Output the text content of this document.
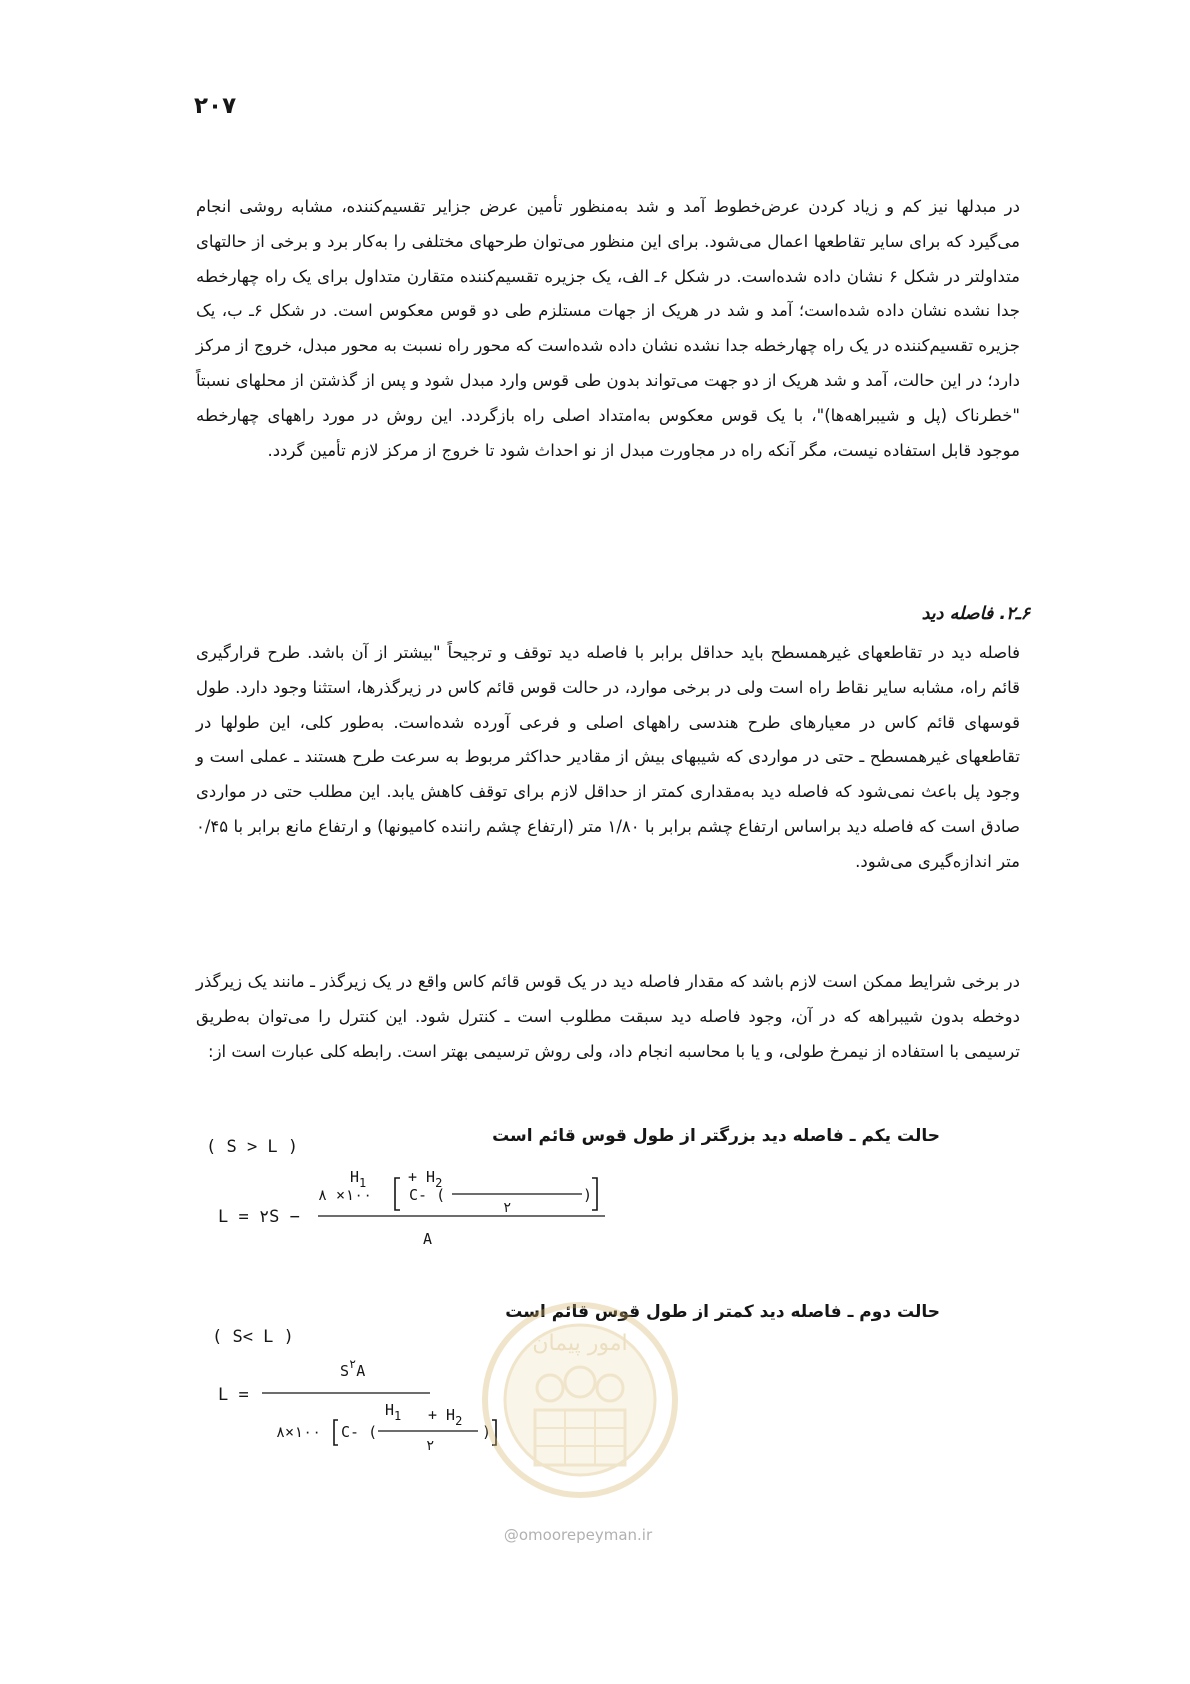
۲۰۷

در مبدلها نیز کم و زیاد کردن عرض‌خطوط آمد و شد به‌منظور تأمین عرض جزایر تقسیم‌کننده، مشابه روشی انجام می‌گیرد که برای سایر تقاطعها اعمال می‌شود. برای این منظور می‌توان طرحهای مختلفی را به‌کار برد و برخی از حالتهای متداولتر در شکل ۶ نشان داده شده‌است. در شکل ۶ـ الف، یک جزیره تقسیم‌کننده متقارن متداول برای یک راه چهارخطه جدا نشده نشان داده شده‌است؛ آمد و شد در هریک از جهات مستلزم طی دو قوس معکوس است. در شکل ۶ـ ب، یک جزیره تقسیم‌کننده در یک راه چهارخطه جدا نشده نشان داده شده‌است که محور راه نسبت به محور مبدل، خروج از مرکز دارد؛ در این حالت، آمد و شد هریک از دو جهت می‌تواند بدون طی قوس وارد مبدل شود و پس از گذشتن از محلهای نسبتاً "خطرناک (پل و شیبراهه‌ها)"، با یک قوس معکوس به‌امتداد اصلی راه بازگردد. این روش در مورد راههای چهارخطه موجود قابل استفاده نیست، مگر آنکه راه در مجاورت مبدل از نو احداث شود تا خروج از مرکز لازم تأمین گردد.

۶ـ۲. فاصله دید

فاصله دید در تقاطعهای غیرهمسطح باید حداقل برابر با فاصله دید توقف و ترجیحاً "بیشتر از آن باشد. طرح قرارگیری قائم راه، مشابه سایر نقاط راه است ولی در برخی موارد، در حالت قوس قائم کاس در زیرگذرها، استثنا وجود دارد. طول قوسهای قائم کاس در معیارهای طرح هندسی راههای اصلی و فرعی آورده شده‌است. به‌طور کلی، این طولها در تقاطعهای غیرهمسطح ـ حتی در مواردی که شیبهای بیش از مقادیر حداکثر مربوط به سرعت طرح هستند ـ عملی است و وجود پل باعث نمی‌شود که فاصله دید به‌مقداری کمتر از حداقل لازم برای توقف کاهش یابد. این مطلب حتی در مواردی صادق است که فاصله دید براساس ارتفاع چشم برابر با ۱/۸۰ متر (ارتفاع چشم راننده کامیونها) و ارتفاع مانع برابر با ۰/۴۵ متر اندازه‌گیری می‌شود.

در برخی شرایط ممکن است لازم باشد که مقدار فاصله دید در یک قوس قائم کاس واقع در یک زیرگذر ـ مانند یک زیرگذر دوخطه بدون شیبراهه که در آن، وجود فاصله دید سبقت مطلوب است ـ کنترل شود. این کنترل را می‌توان به‌طریق ترسیمی با استفاده از نیمرخ طولی، و یا با محاسبه انجام داد، ولی روش ترسیمی بهتر است. رابطه کلی عبارت است از:

حالت یکم ـ فاصله دید بزرگتر از طول قوس قائم است
حالت دوم ـ فاصله دید کمتر از طول قوس قائم است
( S > L )
$H_1$	+ $H_2$
۸ ×۱۰۰ C- (
۲
)
L = ۲S −
A
( S< L )
$S^۲A$
L =
$H_1 + H_2$
۸×۱۰۰ C- (
۲
)
امور پیمان
@omoorepeyman.ir
